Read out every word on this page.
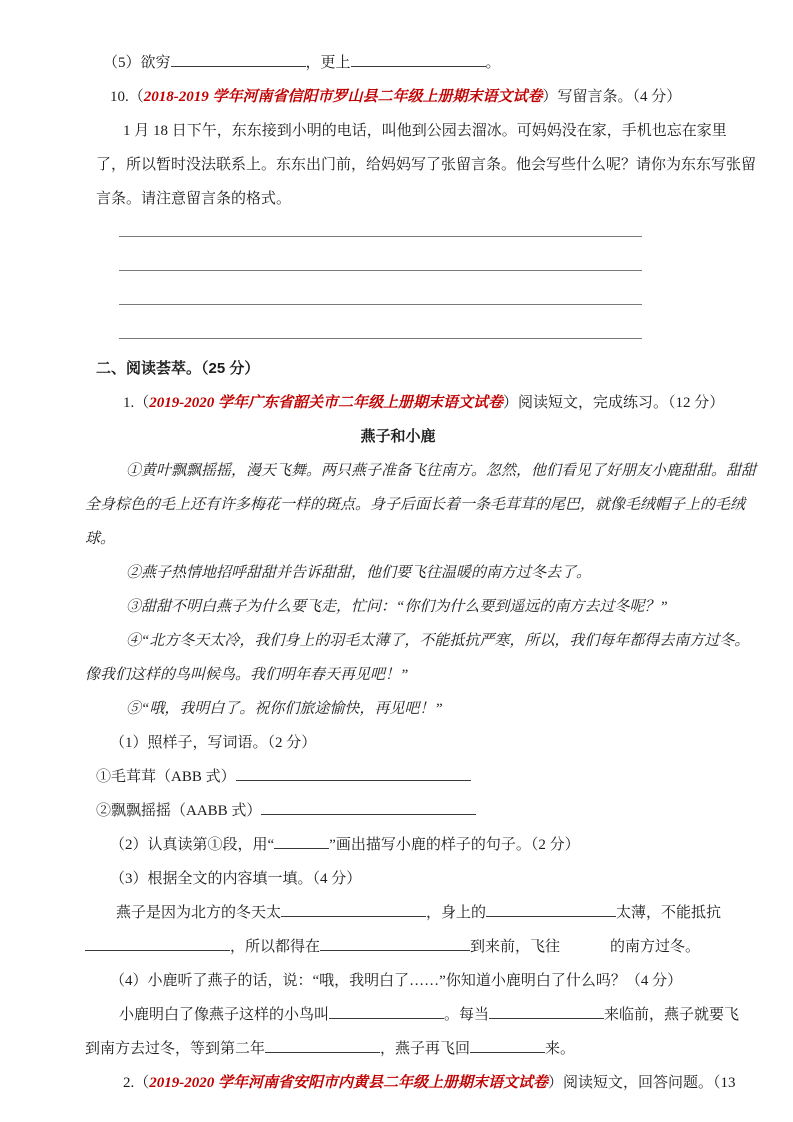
（5）欲穷	，更上	。
10.（2018-2019 学年河南省信阳市罗山县二年级上册期末语文试卷）写留言条。（4 分）
1 月 18 日下午，东东接到小明的电话，叫他到公园去溜冰。可妈妈没在家，手机也忘在家里
了，所以暂时没法联系上。东东出门前，给妈妈写了张留言条。他会写些什么呢？请你为东东写张留
言条。请注意留言条的格式。
二、阅读荟萃。（25 分）
1.（2019-2020 学年广东省韶关市二年级上册期末语文试卷）阅读短文，完成练习。（12 分）
燕子和小鹿
①黄叶飘飘摇摇，漫天飞舞。两只燕子准备飞往南方。忽然，他们看见了好朋友小鹿甜甜。甜甜
全身棕色的毛上还有许多梅花一样的斑点。身子后面长着一条毛茸茸的尾巴，就像毛绒帽子上的毛绒
球。
②燕子热情地招呼甜甜并告诉甜甜，他们要飞往温暖的南方过冬去了。
③甜甜不明白燕子为什么要飞走，忙问：“你们为什么要到遥远的南方去过冬呢？”
④“北方冬天太冷，我们身上的羽毛太薄了，不能抵抗严寒，所以，我们每年都得去南方过冬。
像我们这样的鸟叫候鸟。我们明年春天再见吧！”
⑤“哦，我明白了。祝你们旅途愉快，再见吧！”
（1）照样子，写词语。（2 分）
①毛茸茸（ABB 式）
②飘飘摇摇（AABB 式）
（2）认真读第①段，用“	”画出描写小鹿的样子的句子。（2 分）
（3）根据全文的内容填一填。（4 分）
燕子是因为北方的冬天太	，身上的	太薄，不能抵抗
，所以都得在	到来前，飞往	的南方过冬。
（4）小鹿听了燕子的话，说：“哦，我明白了……”你知道小鹿明白了什么吗？（4 分）
小鹿明白了像燕子这样的小鸟叫	。每当	来临前，燕子就要飞
到南方去过冬，等到第二年	，燕子再飞回	来。
2.（2019-2020 学年河南省安阳市内黄县二年级上册期末语文试卷）阅读短文，回答问题。（13
